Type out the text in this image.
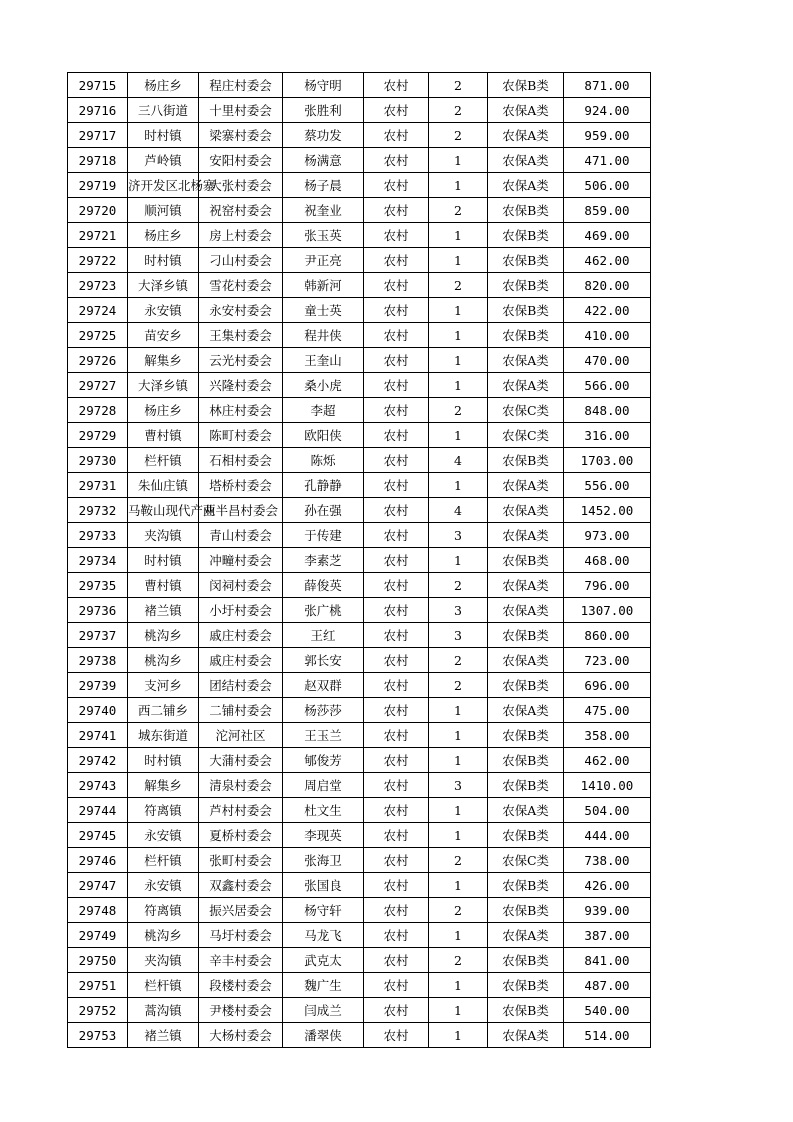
29715	杨庄乡	程庄村委会	杨守明	农村	2	农保B类	871.00
29716	三八街道	十里村委会	张胜利	农村	2	农保A类	924.00
29717	时村镇	梁寨村委会	蔡功发	农村	2	农保A类	959.00
29718	芦岭镇	安阳村委会	杨满意	农村	1	农保A类	471.00
29719	济开发区北杨寨	大张村委会	杨子晨	农村	1	农保A类	506.00
29720	顺河镇	祝窑村委会	祝奎业	农村	2	农保B类	859.00
29721	杨庄乡	房上村委会	张玉英	农村	1	农保B类	469.00
29722	时村镇	刁山村委会	尹正亮	农村	1	农保B类	462.00
29723	大泽乡镇	雪花村委会	韩新河	农村	2	农保B类	820.00
29724	永安镇	永安村委会	童士英	农村	1	农保B类	422.00
29725	苗安乡	王集村委会	程井侠	农村	1	农保B类	410.00
29726	解集乡	云光村委会	王奎山	农村	1	农保A类	470.00
29727	大泽乡镇	兴隆村委会	桑小虎	农村	1	农保A类	566.00
29728	杨庄乡	林庄村委会	李超	农村	2	农保C类	848.00
29729	曹村镇	陈町村委会	欧阳侠	农村	1	农保C类	316.00
29730	栏杆镇	石相村委会	陈烁	农村	4	农保B类	1703.00
29731	朱仙庄镇	塔桥村委会	孔静静	农村	1	农保A类	556.00
29732	马鞍山现代产业	两半昌村委会	孙在强	农村	4	农保A类	1452.00
29733	夹沟镇	青山村委会	于传建	农村	3	农保A类	973.00
29734	时村镇	冲疃村委会	李素芝	农村	1	农保B类	468.00
29735	曹村镇	闵祠村委会	薛俊英	农村	2	农保A类	796.00
29736	褚兰镇	小圩村委会	张广桃	农村	3	农保A类	1307.00
29737	桃沟乡	戚庄村委会	王红	农村	3	农保B类	860.00
29738	桃沟乡	戚庄村委会	郭长安	农村	2	农保A类	723.00
29739	支河乡	团结村委会	赵双群	农村	2	农保B类	696.00
29740	西二铺乡	二铺村委会	杨莎莎	农村	1	农保A类	475.00
29741	城东街道	沱河社区	王玉兰	农村	1	农保B类	358.00
29742	时村镇	大蒲村委会	郇俊芳	农村	1	农保B类	462.00
29743	解集乡	清泉村委会	周启堂	农村	3	农保B类	1410.00
29744	符离镇	芦村村委会	杜文生	农村	1	农保A类	504.00
29745	永安镇	夏桥村委会	李现英	农村	1	农保B类	444.00
29746	栏杆镇	张町村委会	张海卫	农村	2	农保C类	738.00
29747	永安镇	双鑫村委会	张国良	农村	1	农保B类	426.00
29748	符离镇	振兴居委会	杨守轩	农村	2	农保B类	939.00
29749	桃沟乡	马圩村委会	马龙飞	农村	1	农保A类	387.00
29750	夹沟镇	辛丰村委会	武克太	农村	2	农保B类	841.00
29751	栏杆镇	段楼村委会	魏广生	农村	1	农保B类	487.00
29752	蒿沟镇	尹楼村委会	闫成兰	农村	1	农保B类	540.00
29753	褚兰镇	大杨村委会	潘翠侠	农村	1	农保A类	514.00
